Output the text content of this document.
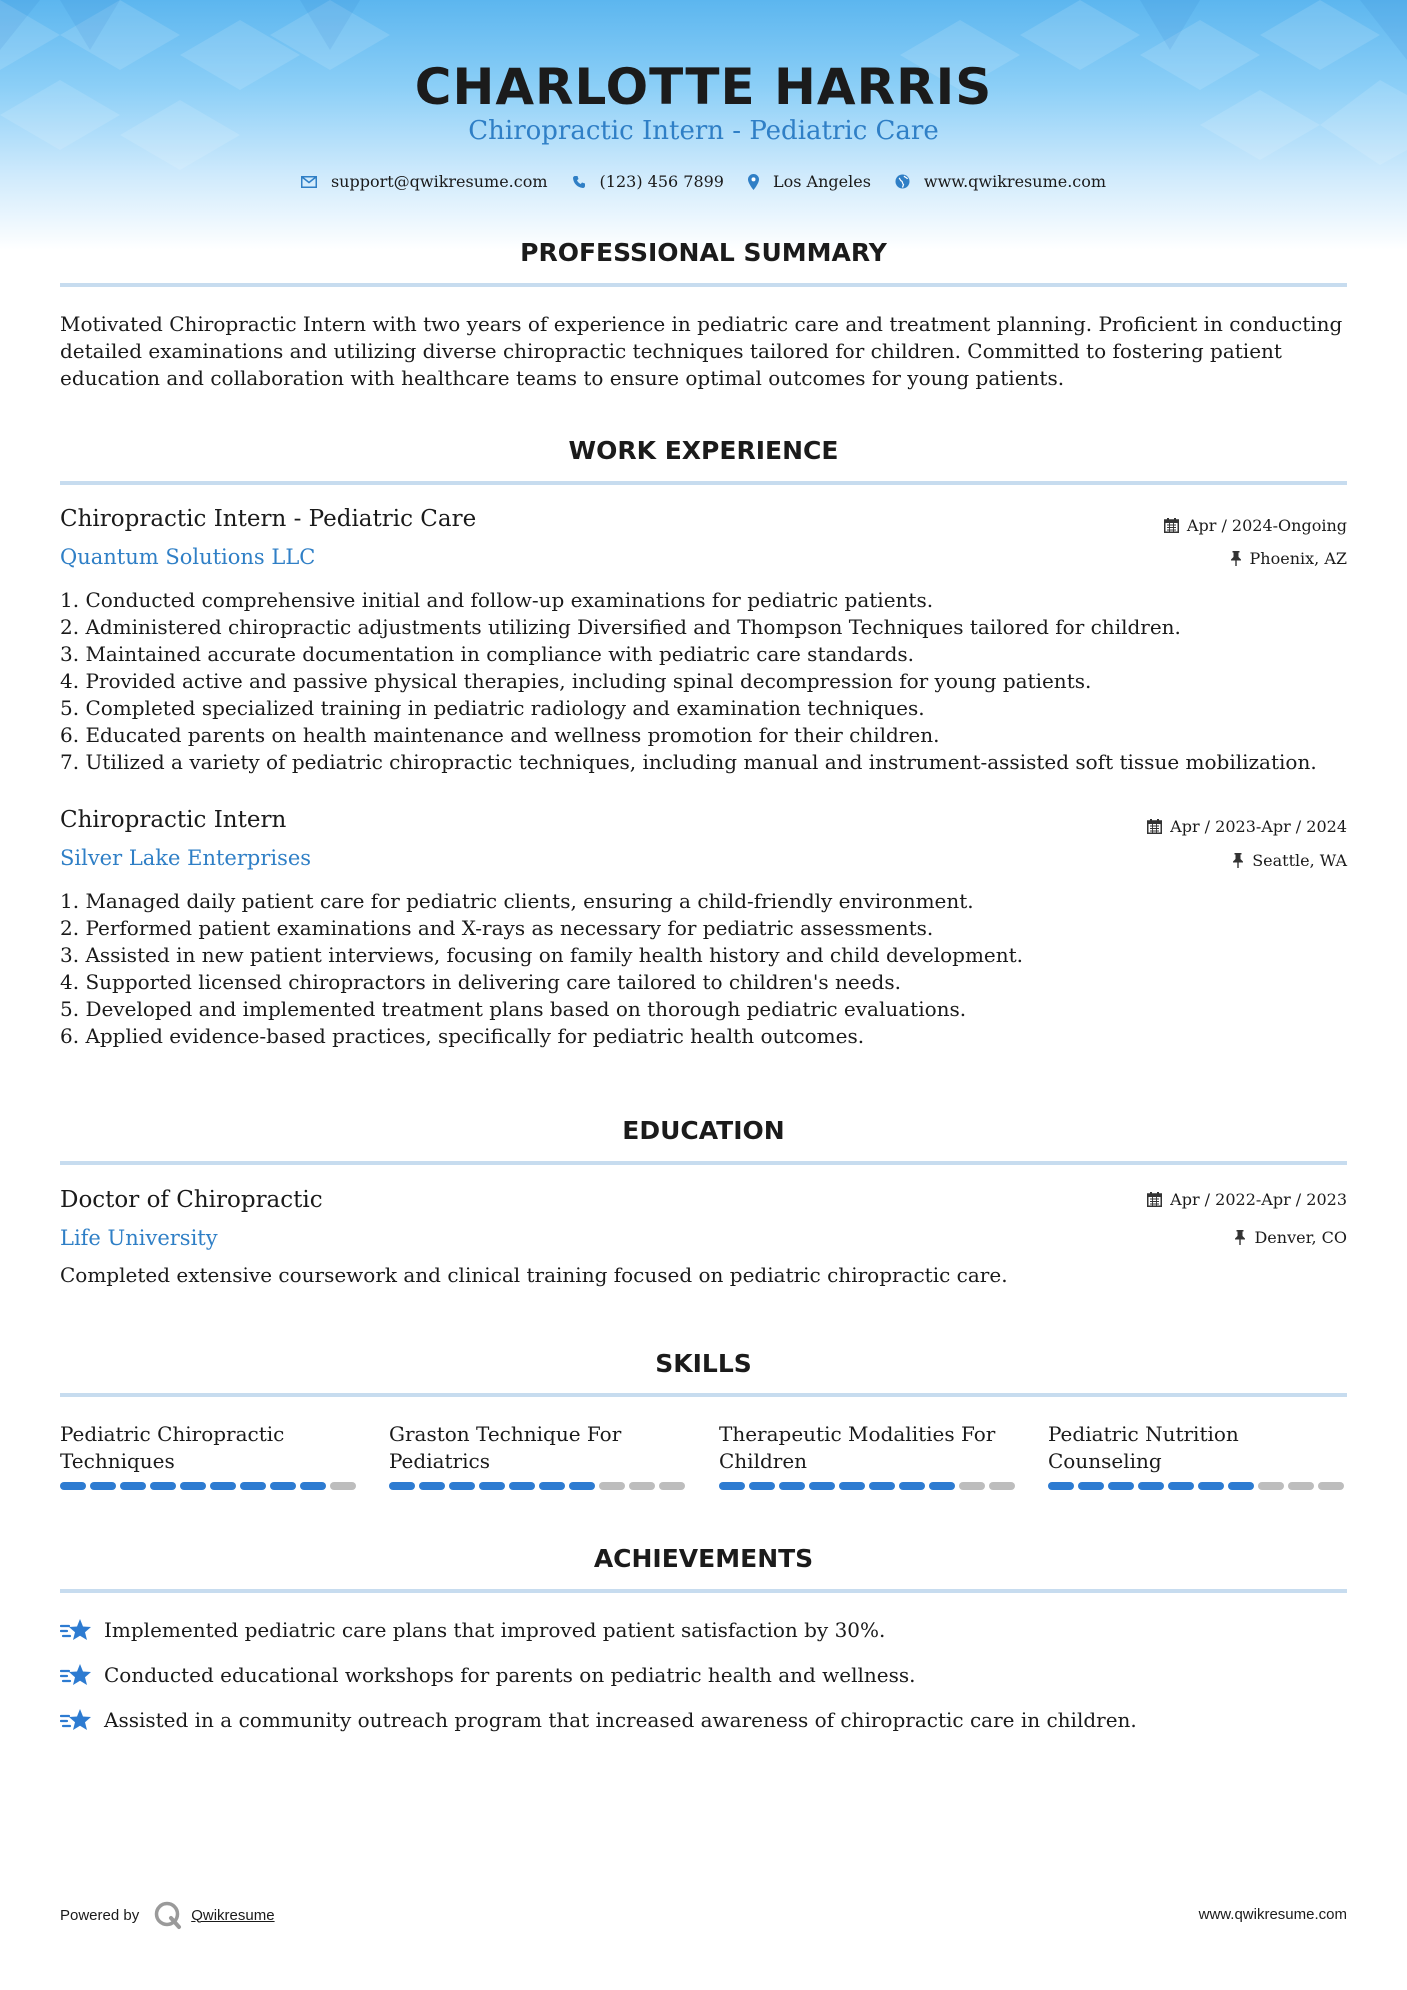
CHARLOTTE HARRIS
Chiropractic Intern - Pediatric Care
support@qwikresume.com	(123) 456 7899	Los Angeles	www.qwikresume.com
PROFESSIONAL SUMMARY
Motivated Chiropractic Intern with two years of experience in pediatric care and treatment planning. Proficient in conducting detailed examinations and utilizing diverse chiropractic techniques tailored for children. Committed to fostering patient education and collaboration with healthcare teams to ensure optimal outcomes for young patients.
WORK EXPERIENCE
Chiropractic Intern - Pediatric Care	Apr / 2024-Ongoing
Quantum Solutions LLC	Phoenix, AZ
1. Conducted comprehensive initial and follow-up examinations for pediatric patients.
2. Administered chiropractic adjustments utilizing Diversified and Thompson Techniques tailored for children.
3. Maintained accurate documentation in compliance with pediatric care standards.
4. Provided active and passive physical therapies, including spinal decompression for young patients.
5. Completed specialized training in pediatric radiology and examination techniques.
6. Educated parents on health maintenance and wellness promotion for their children.
7. Utilized a variety of pediatric chiropractic techniques, including manual and instrument-assisted soft tissue mobilization.
Chiropractic Intern	Apr / 2023-Apr / 2024
Silver Lake Enterprises	Seattle, WA
1. Managed daily patient care for pediatric clients, ensuring a child-friendly environment.
2. Performed patient examinations and X-rays as necessary for pediatric assessments.
3. Assisted in new patient interviews, focusing on family health history and child development.
4. Supported licensed chiropractors in delivering care tailored to children's needs.
5. Developed and implemented treatment plans based on thorough pediatric evaluations.
6. Applied evidence-based practices, specifically for pediatric health outcomes.
EDUCATION
Doctor of Chiropractic	Apr / 2022-Apr / 2023
Life University	Denver, CO
Completed extensive coursework and clinical training focused on pediatric chiropractic care.
SKILLS
Pediatric Chiropractic Techniques
Graston Technique For Pediatrics
Therapeutic Modalities For Children
Pediatric Nutrition Counseling
ACHIEVEMENTS
Implemented pediatric care plans that improved patient satisfaction by 30%.
Conducted educational workshops for parents on pediatric health and wellness.
Assisted in a community outreach program that increased awareness of chiropractic care in children.
Powered by	Qwikresume	www.qwikresume.com
